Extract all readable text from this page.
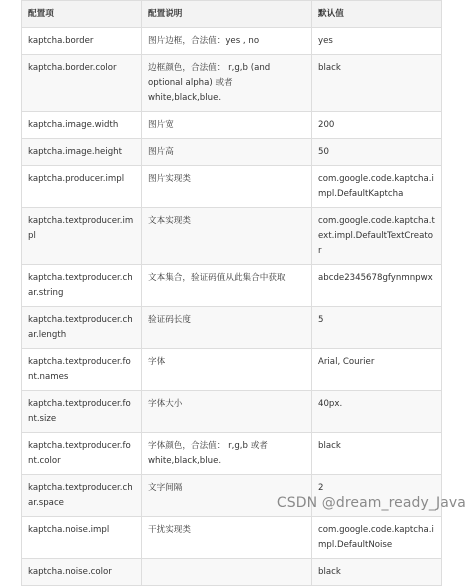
配置项	配置说明	默认值
kaptcha.border	图片边框，合法值：yes , no	yes
kaptcha.border.color	边框颜色，合法值： r,g,b (and optional alpha) 或者 white,black,blue.	black
kaptcha.image.width	图片宽	200
kaptcha.image.height	图片高	50
kaptcha.producer.impl	图片实现类	com.google.code.kaptcha.impl.DefaultKaptcha
kaptcha.textproducer.impl	文本实现类	com.google.code.kaptcha.text.impl.DefaultTextCreator
kaptcha.textproducer.char.string	文本集合，验证码值从此集合中获取	abcde2345678gfynmnpwx
kaptcha.textproducer.char.length	验证码长度	5
kaptcha.textproducer.font.names	字体	Arial, Courier
kaptcha.textproducer.font.size	字体大小	40px.
kaptcha.textproducer.font.color	字体颜色，合法值： r,g,b 或者 white,black,blue.	black
kaptcha.textproducer.char.space	文字间隔	2
kaptcha.noise.impl	干扰实现类	com.google.code.kaptcha.impl.DefaultNoise
kaptcha.noise.color		black
CSDN @dream_ready_Java
